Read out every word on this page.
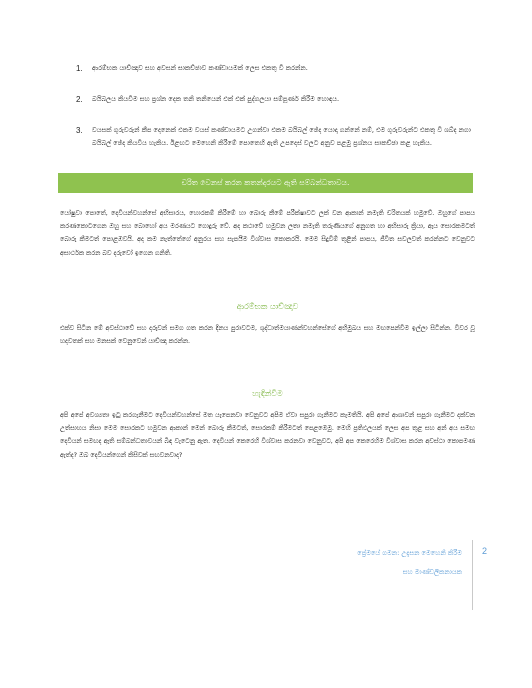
1. ආරම්භක යාච්ඤාව සහ අවසන් සාකච්ඡාව කණ්ඩායමක් ලෙස එකතු වී කරන්න.
2. බයිබලය කියවීම සහ ප්‍රශ්න දෙක තනි තනියෙන් එක් එක් පුද්ගලයා සම්පූර්ණ කිරීම හොඳය.
3. වයසක් ගුරුවරුන් කීප දෙනෙක් එකම වයස් කණ්ඩායමට උගන්වා එකම බයිබල් ඡේද යොදා ගන්නේ නම්, එම ගුරුවරුන්ට එකතු වී ශබ්ද නගා බයිබල් ඡේද කියවිය හැකිය. ඊළඟට මෙහෙනි කිරීමේ පොතෙහි ඇති උපදෙස් වලට අනුව පළමු ප්‍රශ්නය සාකච්ඡා කළ හැකිය.
චරිත වෙනස් කරන කතන්දරයට ඇති සම්බන්ධතාවය.

යෝෂුවා පොතේ, දෙවියන්වහන්සේ අභිසාරය, හොරකම් කිරීමේ හා බොරු කීමේ පරීක්ෂාවට ලක් වන ආකාන් නමැති චරිතයක් හමුවේ. ඔහුගේ පාපය කරණකොටගෙන ඔහු සහ බොහෝ අය මරණයට ගොදුරු වේ. අද කථාවේ හමුවන ලතා නමැති තරුණියගේ අනුගත හා අභිසාරු ක්‍රියා, ඇය සොරකමටත් බොරු කීමටත් පොළඹවයි. අද කම නැත්තේගේ අනුරය සහ සැපයීම විශ්වාස කොකරයි. මෙම සිදුවීම් තුළින් පාපය, ජීවිත සවලවත් කරන්නට වෙනුවට අසාර්ථක කරන බව දරුවෝ ඉගෙන ගනිති.

ආරම්භක යාච්ඤාව

එක්ව සිටින මේ අවස්ථාවේ සහ දරුවන් සමග ගත කරන දිනය පුරාවටම, ශුද්ධාත්මයාණන්වහන්සේගේ අභිමුඛය සහ මඟපෙන්වීම ඉල්ලා සිටින්න. විවර වූ හදවතක් සහ මනසක් වෙනුවෙන් යාච්ඤා කරන්න.

හැඳින්වීම

අපි අපේ අවශ්‍යතා ඉටු කරගැනීමට දෙවියන්වහන්සේ මත යැපෙනවා වෙනුවට අපිම ඒවා සපුරා ගැනීමට කැමතියි. අපි අපේ ආශාවන් සපුරා ගැනීමට දක්වන උත්සාහය නිසා මෙම සොරකට හමුවන ආකාන් මෙන් බොරු කීමටත්, සොරකම් කිරීමටත් පෙළඹෙමු. මෙහි ප්‍රතිඵලයක් ලෙස අප තුළ සහ අන් අය සමඟ දෙවියන් සමඟද ඇති සම්බන්ධතාවයන් බිඳ වැටෙනු ඇත. දෙවියන් කෙරෙහි විශ්වාස කරනවා වෙනුවට, අපි අප කෙරෙහිම විශ්වාස කරන අවස්ථා කොපමණ ඇත්ද? ඔබ දෙවියන්ගෙන් කිසිවක් සඟවනවාද?

ප්‍රේමයේ ගමන: උදැසන මෙහෙනි කිරීම
සහ මාණ්ඩලිකනායක
2
